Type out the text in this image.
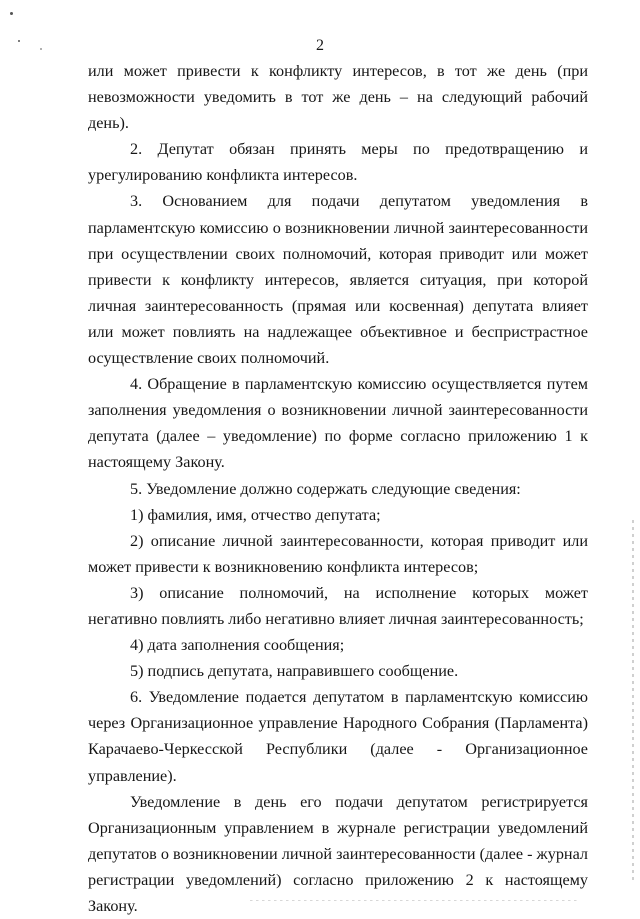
2

или может привести к конфликту интересов, в тот же день (при невозможности уведомить в тот же день – на следующий рабочий день).

2. Депутат обязан принять меры по предотвращению и урегулированию конфликта интересов.

3. Основанием для подачи депутатом уведомления в парламентскую комиссию о возникновении личной заинтересованности при осуществлении своих полномочий, которая приводит или может привести к конфликту интересов, является ситуация, при которой личная заинтересованность (прямая или косвенная) депутата влияет или может повлиять на надлежащее объективное и беспристрастное осуществление своих полномочий.

4. Обращение в парламентскую комиссию осуществляется путем заполнения уведомления о возникновении личной заинтересованности депутата (далее – уведомление) по форме согласно приложению 1 к настоящему Закону.

5. Уведомление должно содержать следующие сведения:

1) фамилия, имя, отчество депутата;

2) описание личной заинтересованности, которая приводит или может привести к возникновению конфликта интересов;

3) описание полномочий, на исполнение которых может негативно повлиять либо негативно влияет личная заинтересованность;

4) дата заполнения сообщения;

5) подпись депутата, направившего сообщение.

6. Уведомление подается депутатом в парламентскую комиссию через Организационное управление Народного Собрания (Парламента) Карачаево-Черкесской Республики (далее - Организационное управление).

Уведомление в день его подачи депутатом регистрируется Организационным управлением в журнале регистрации уведомлений депутатов о возникновении личной заинтересованности (далее - журнал регистрации уведомлений) согласно приложению 2 к настоящему Закону.
